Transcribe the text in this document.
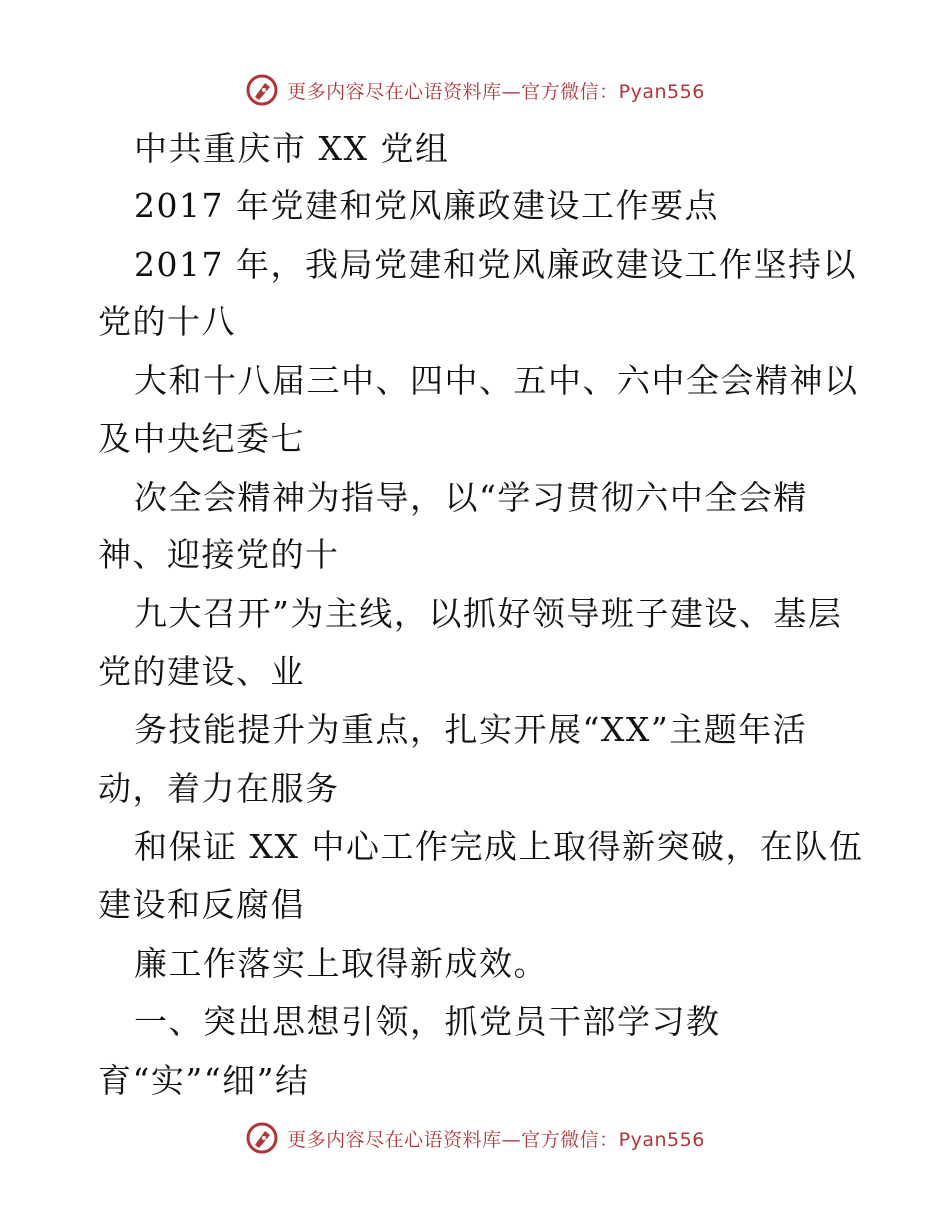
更多内容尽在心语资料库—官方微信：Pyan556
中共重庆市 XX 党组
2017 年党建和党风廉政建设工作要点
2017 年，我局党建和党风廉政建设工作坚持以
党的十八
大和十八届三中、四中、五中、六中全会精神以
及中央纪委七
次全会精神为指导，以“学习贯彻六中全会精
神、迎接党的十
九大召开”为主线，以抓好领导班子建设、基层
党的建设、业
务技能提升为重点，扎实开展“XX”主题年活
动，着力在服务
和保证 XX 中心工作完成上取得新突破，在队伍
建设和反腐倡
廉工作落实上取得新成效。
一、突出思想引领，抓党员干部学习教
育“实”“细”结
更多内容尽在心语资料库—官方微信：Pyan556
